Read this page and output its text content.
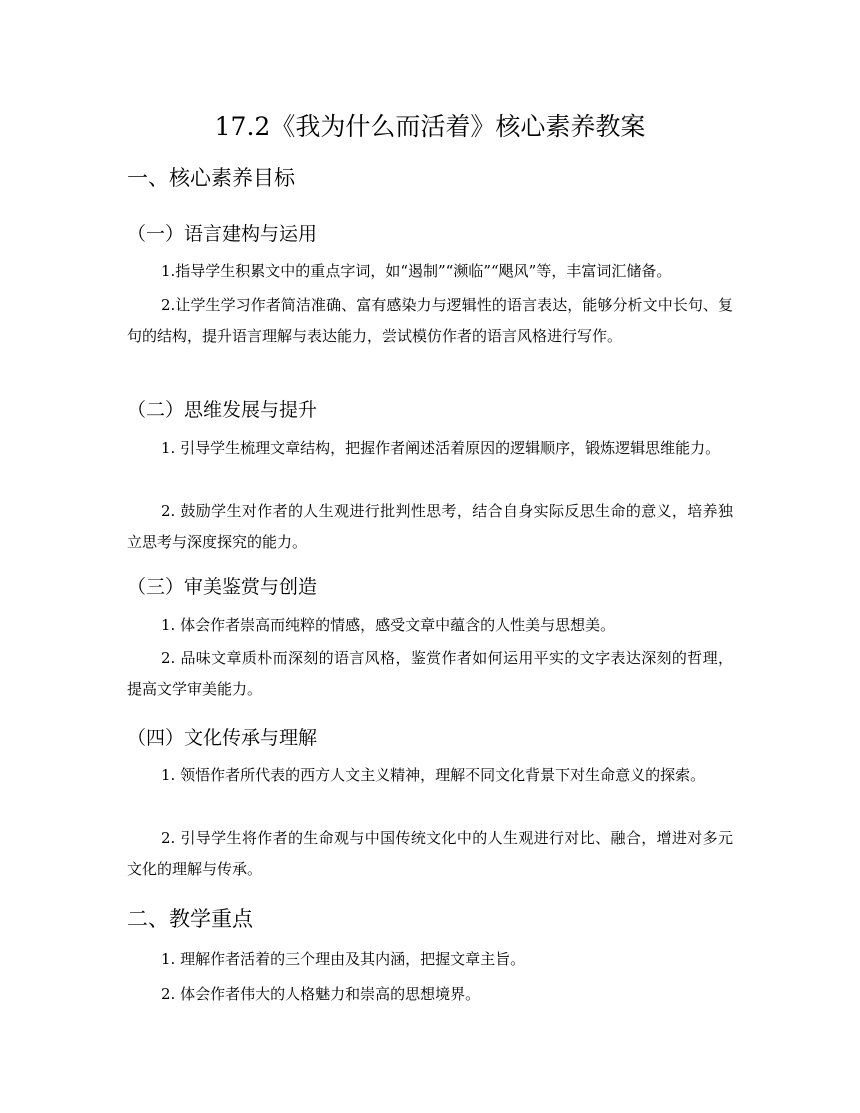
17.2《我为什么而活着》核心素养教案
一、核心素养目标
（一）语言建构与运用
1.指导学生积累文中的重点字词，如“遏制”“濒临”“飓风”等，丰富词汇储备。
2.让学生学习作者简洁准确、富有感染力与逻辑性的语言表达，能够分析文中长句、复句的结构，提升语言理解与表达能力，尝试模仿作者的语言风格进行写作。
（二）思维发展与提升
1. 引导学生梳理文章结构，把握作者阐述活着原因的逻辑顺序，锻炼逻辑思维能力。
2. 鼓励学生对作者的人生观进行批判性思考，结合自身实际反思生命的意义，培养独立思考与深度探究的能力。
（三）审美鉴赏与创造
1. 体会作者崇高而纯粹的情感，感受文章中蕴含的人性美与思想美。
2. 品味文章质朴而深刻的语言风格，鉴赏作者如何运用平实的文字表达深刻的哲理，提高文学审美能力。
（四）文化传承与理解
1. 领悟作者所代表的西方人文主义精神，理解不同文化背景下对生命意义的探索。
2. 引导学生将作者的生命观与中国传统文化中的人生观进行对比、融合，增进对多元文化的理解与传承。
二、教学重点
1. 理解作者活着的三个理由及其内涵，把握文章主旨。
2. 体会作者伟大的人格魅力和崇高的思想境界。
